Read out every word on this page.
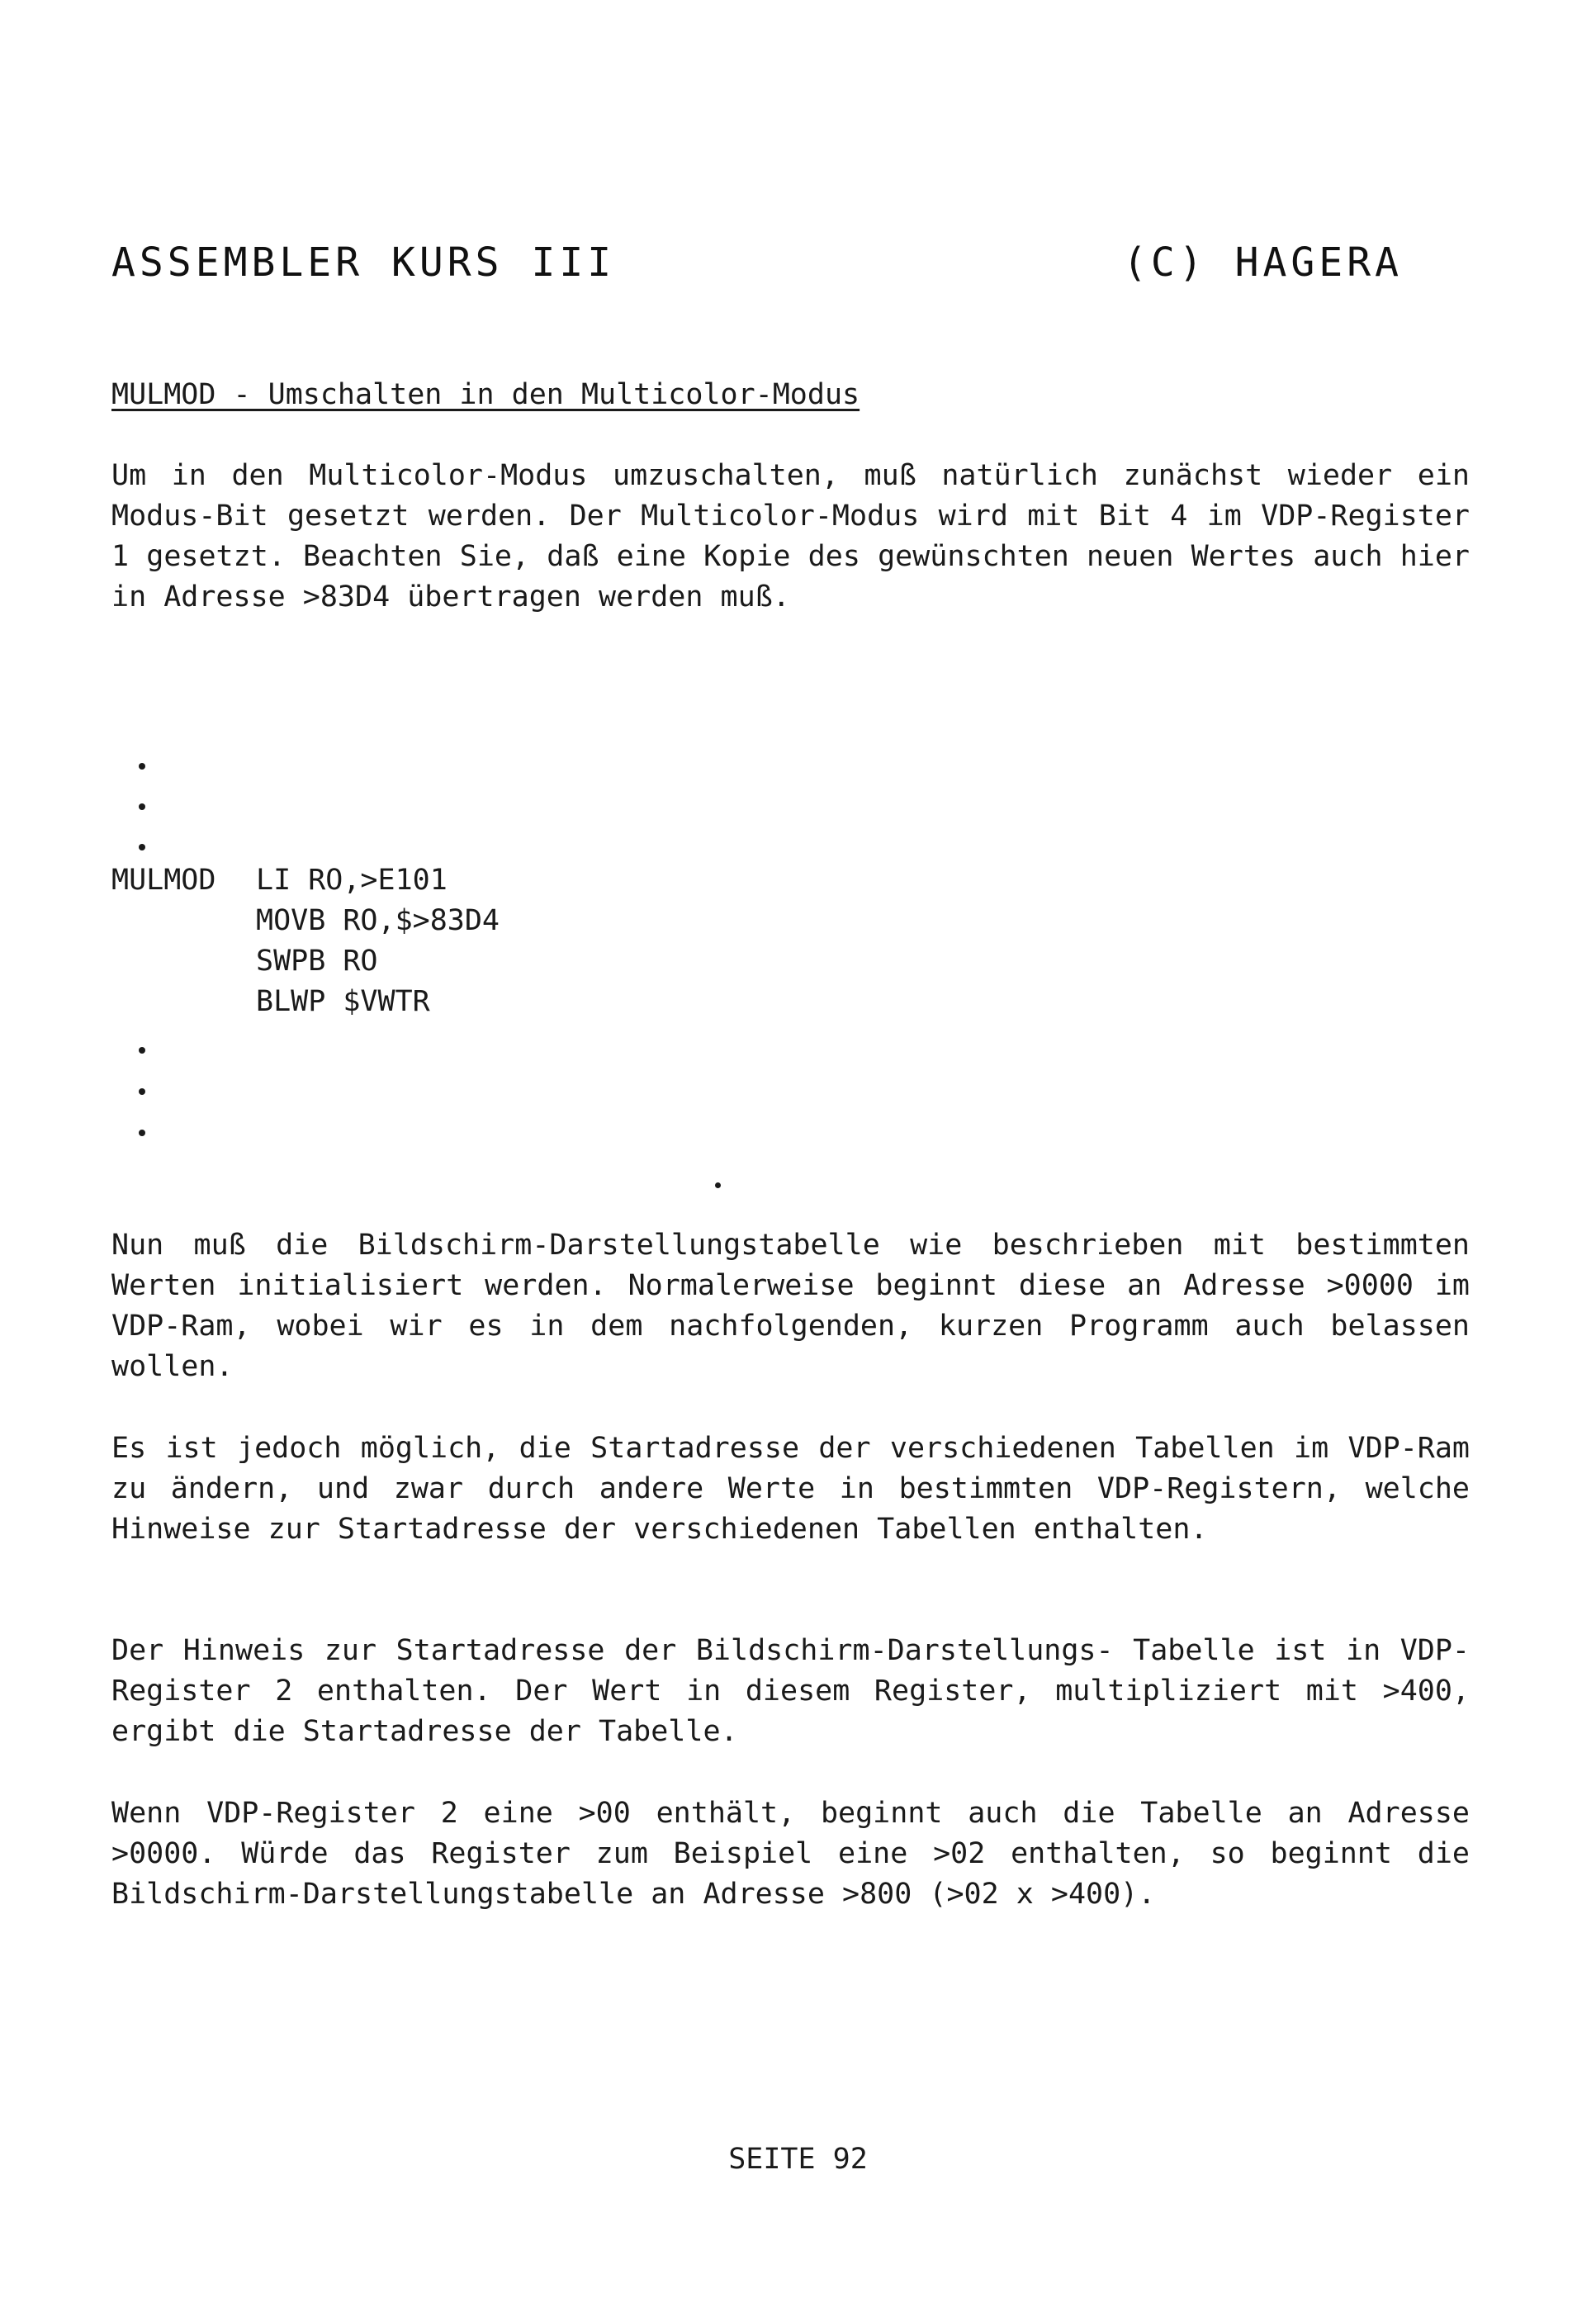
ASSEMBLER KURS III

	(C) HAGERA

MULMOD - Umschalten in den Multicolor-Modus

Um in den Multicolor-Modus umzuschalten, muß natürlich zunächst wieder ein Modus-Bit gesetzt werden. Der Multicolor-Modus wird mit Bit 4 im VDP-Register 1 gesetzt. Beachten Sie, daß eine Kopie des gewünschten neuen Wertes auch hier in Adresse >83D4 übertragen werden muß.

MULMOD LI RO,>E101
MOVB RO,$>83D4
SWPB RO
BLWP $VWTR

Nun muß die Bildschirm-Darstellungstabelle wie beschrieben mit bestimmten Werten initialisiert werden. Normalerweise beginnt diese an Adresse >0000 im VDP-Ram, wobei wir es in dem nachfolgenden, kurzen Programm auch belassen wollen.

Es ist jedoch möglich, die Startadresse der verschiedenen Tabellen im VDP-Ram zu ändern, und zwar durch andere Werte in bestimmten VDP-Registern, welche Hinweise zur Startadresse der verschiedenen Tabellen enthalten.

Der Hinweis zur Startadresse der Bildschirm-Darstellungs- Tabelle ist in VDP-Register 2 enthalten. Der Wert in diesem Register, multipliziert mit >400, ergibt die Startadresse der Tabelle.

Wenn VDP-Register 2 eine >00 enthält, beginnt auch die Tabelle an Adresse >0000. Würde das Register zum Beispiel eine >02 enthalten, so beginnt die Bildschirm-Darstellungstabelle an Adresse >800 (>02 x >400).

SEITE 92
